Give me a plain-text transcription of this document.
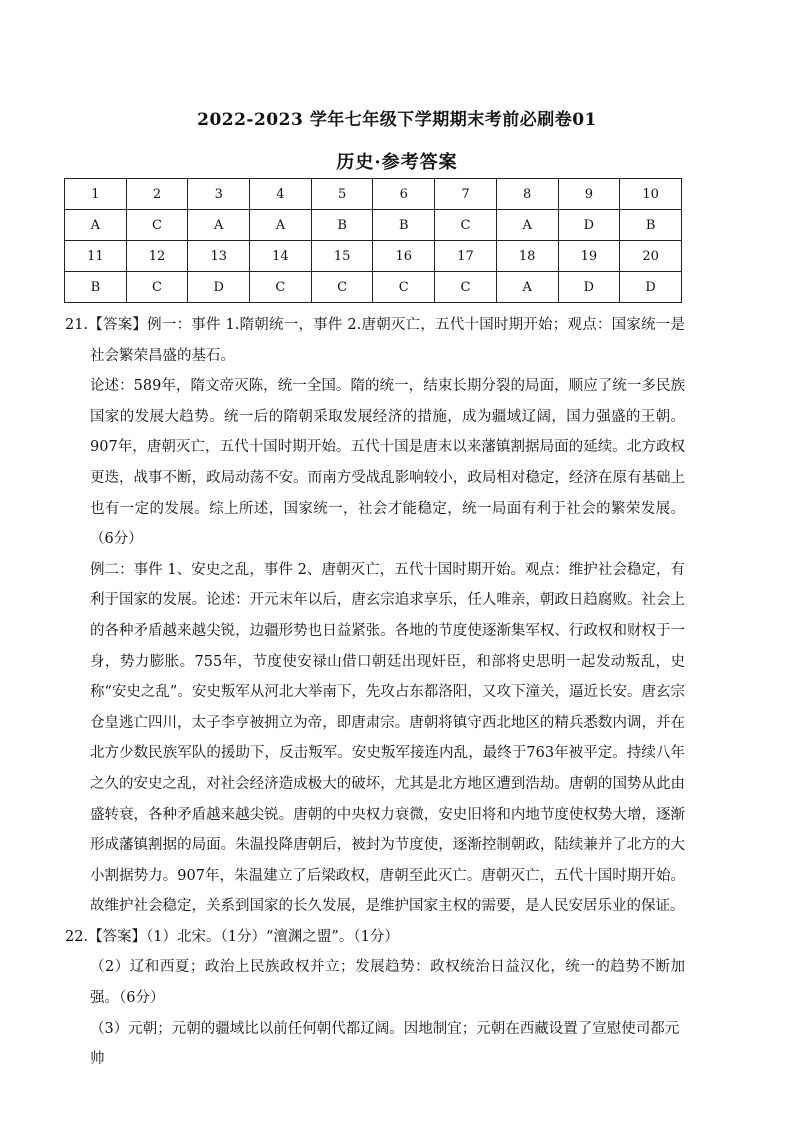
2022-2023 学年七年级下学期期末考前必刷卷01
历史·参考答案
1	2	3	4	5	6	7	8	9	10
A	C	A	A	B	B	C	A	D	B
11	12	13	14	15	16	17	18	19	20
B	C	D	C	C	C	C	A	D	D

21.【答案】例一：事件 1.隋朝统一，事件 2.唐朝灭亡，五代十国时期开始；观点：国家统一是社会繁荣昌盛的基石。

论述：589年，隋文帝灭陈，统一全国。隋的统一，结束长期分裂的局面，顺应了统一多民族国家的发展大趋势。统一后的隋朝采取发展经济的措施，成为疆域辽阔，国力强盛的王朝。907年，唐朝灭亡，五代十国时期开始。五代十国是唐末以来藩镇割据局面的延续。北方政权更迭，战事不断，政局动荡不安。而南方受战乱影响较小，政局相对稳定，经济在原有基础上也有一定的发展。综上所述，国家统一，社会才能稳定，统一局面有利于社会的繁荣发展。（6分）

例二：事件 1、安史之乱，事件 2、唐朝灭亡，五代十国时期开始。观点：维护社会稳定，有利于国家的发展。论述：开元末年以后，唐玄宗追求享乐，任人唯亲，朝政日趋腐败。社会上的各种矛盾越来越尖锐，边疆形势也日益紧张。各地的节度使逐渐集军权、行政权和财权于一身，势力膨胀。755年，节度使安禄山借口朝廷出现奸臣，和部将史思明一起发动叛乱，史称“安史之乱”。安史叛军从河北大举南下，先攻占东都洛阳，又攻下潼关，逼近长安。唐玄宗仓皇逃亡四川，太子李亨被拥立为帝，即唐肃宗。唐朝将镇守西北地区的精兵悉数内调，并在北方少数民族军队的援助下，反击叛军。安史叛军接连内乱，最终于763年被平定。持续八年之久的安史之乱，对社会经济造成极大的破坏，尤其是北方地区遭到浩劫。唐朝的国势从此由盛转衰，各种矛盾越来越尖锐。唐朝的中央权力衰微，安史旧将和内地节度使权势大增，逐渐形成藩镇割据的局面。朱温投降唐朝后，被封为节度使，逐渐控制朝政，陆续兼并了北方的大小割据势力。907年，朱温建立了后梁政权，唐朝至此灭亡。唐朝灭亡，五代十国时期开始。故维护社会稳定，关系到国家的长久发展，是维护国家主权的需要，是人民安居乐业的保证。

22.【答案】（1）北宋。（1分）“澶渊之盟”。（1分）

（2）辽和西夏；政治上民族政权并立；发展趋势：政权统治日益汉化，统一的趋势不断加强。（6分）

（3）元朝；元朝的疆域比以前任何朝代都辽阔。因地制宜；元朝在西藏设置了宣慰使司都元帅
